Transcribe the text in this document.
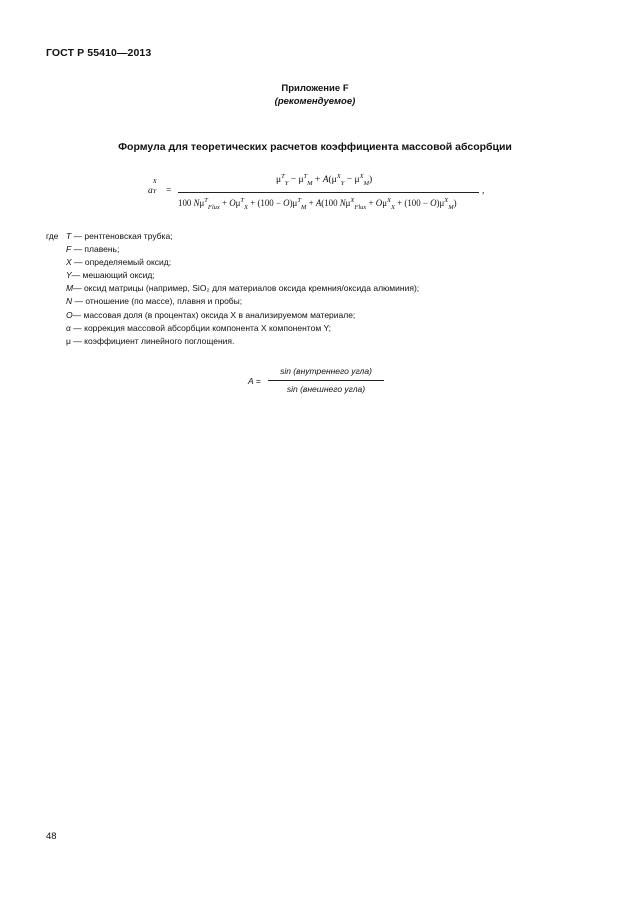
ГОСТ Р 55410—2013
Приложение F
(рекомендуемое)
Формула для теоретических расчетов коэффициента массовой абсорбции
a
X
Y =
$\mu^T_Y - \mu^T_M + A(\mu^X_Y - \mu^X_M)$
100 $N\mu^T_{Flux} + O\mu^T_X + (100 - O)\mu^T_M + A(100$ $N\mu^X_{Flux} + O\mu^X_X + (100 - O)\mu^X_M$)
,
где T — рентгеновская трубка;
F — плавень;
X — определяемый оксид;
Y— мешающий оксид;
M— оксид матрицы (например, SiO₂ для материалов оксида кремния/оксида алюминия);
N — отношение (по массе), плавня и пробы;
O— массовая доля (в процентах) оксида X в анализируемом материале;
α — коррекция массовой абсорбции компонента X компонентом Y;
μ — коэффициент линейного поглощения.
A =
sin (внутреннего угла)
sin (внешнего угла)
48
